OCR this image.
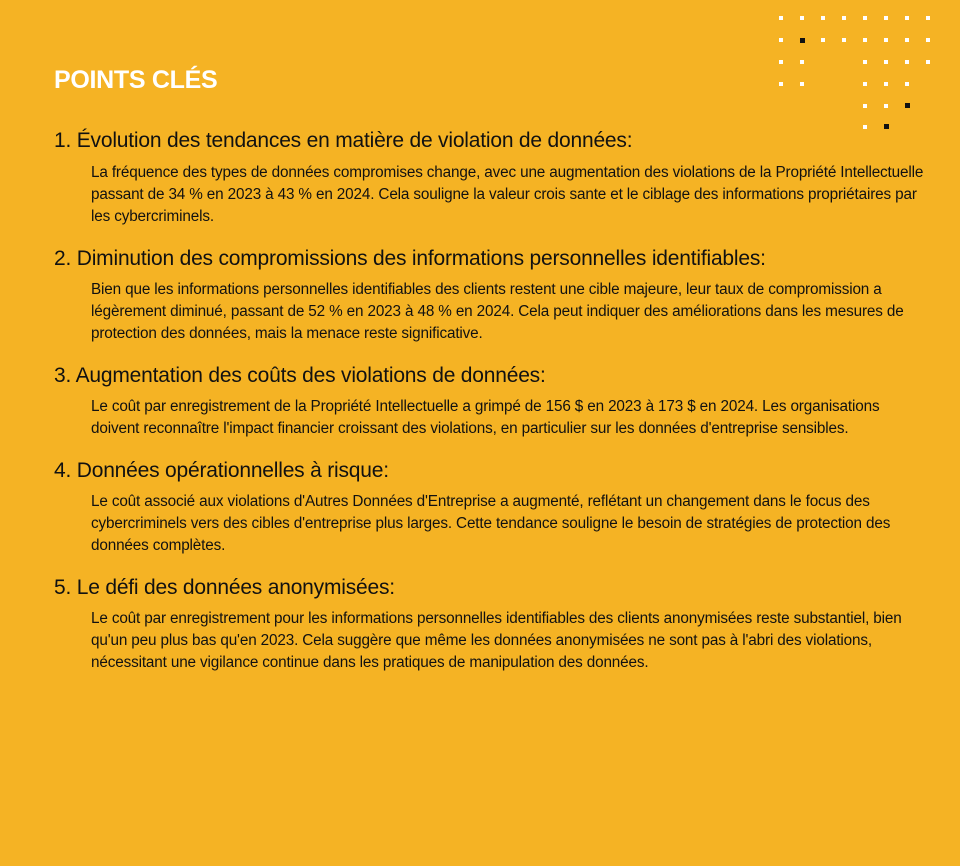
POINTS CLÉS
1. Évolution des tendances en matière de violation de données:

La fréquence des types de données compromises change, avec une augmentation des violations de la Propriété Intellectuelle passant de 34 % en 2023 à 43 % en 2024. Cela souligne la valeur crois sante et le ciblage des informations propriétaires par les cybercriminels.

2. Diminution des compromissions des informations personnelles identifiables:

Bien que les informations personnelles identifiables des clients restent une cible majeure, leur taux de compromission a légèrement diminué, passant de 52 % en 2023 à 48 % en 2024. Cela peut indiquer des améliorations dans les mesures de protection des données, mais la menace reste significative.

3. Augmentation des coûts des violations de données:

Le coût par enregistrement de la Propriété Intellectuelle a grimpé de 156 $ en 2023 à 173 $ en 2024. Les organisations doivent reconnaître l'impact financier croissant des violations, en particulier sur les données d'entreprise sensibles.

4. Données opérationnelles à risque:

Le coût associé aux violations d'Autres Données d'Entreprise a augmenté, reflétant un changement dans le focus des cybercriminels vers des cibles d'entreprise plus larges. Cette tendance souligne le besoin de stratégies de protection des données complètes.

5. Le défi des données anonymisées:

Le coût par enregistrement pour les informations personnelles identifiables des clients anonymisées reste substantiel, bien qu'un peu plus bas qu'en 2023. Cela suggère que même les données anonymisées ne sont pas à l'abri des violations, nécessitant une vigilance continue dans les pratiques de manipulation des données.
